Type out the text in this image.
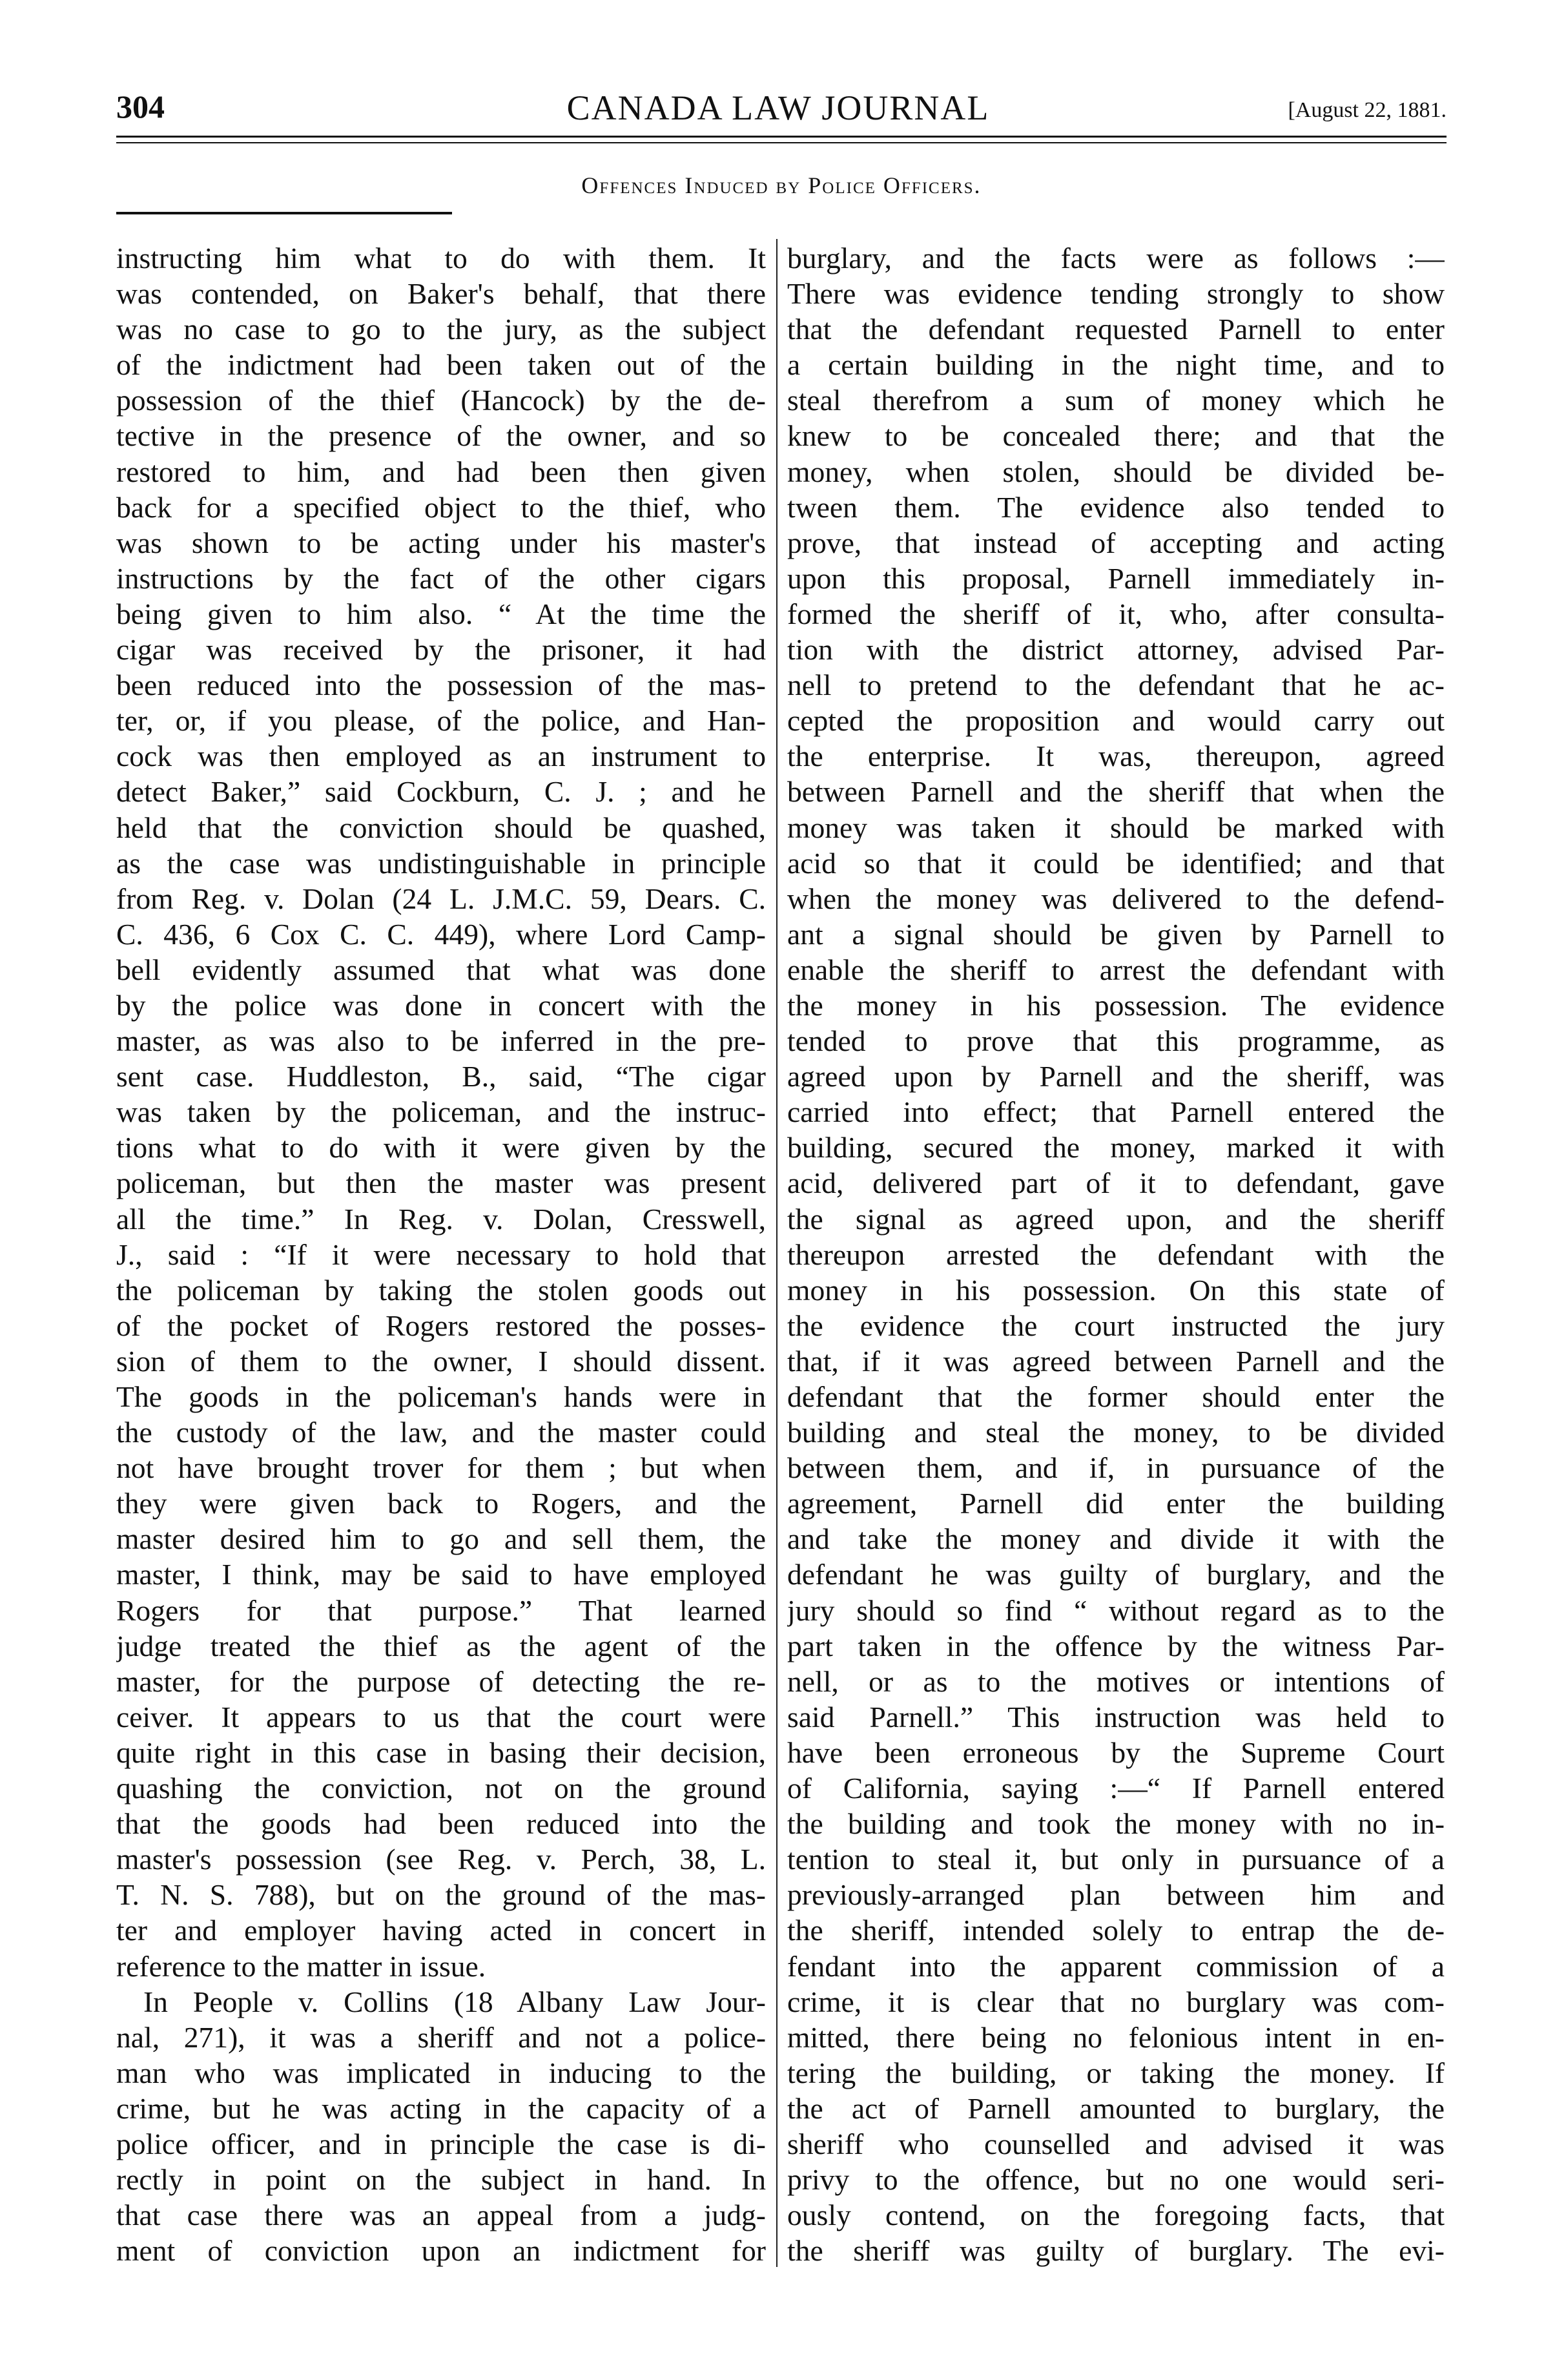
304	CANADA LAW JOURNAL	[August 22, 1881.
Offences Induced by Police Officers.
instructing him what to do with them. It
was contended, on Baker's behalf, that there
was no case to go to the jury, as the subject
of the indictment had been taken out of the
possession of the thief (Hancock) by the de-
tective in the presence of the owner, and so
restored to him, and had been then given
back for a specified object to the thief, who
was shown to be acting under his master's
instructions by the fact of the other cigars
being given to him also. “ At the time the
cigar was received by the prisoner, it had
been reduced into the possession of the mas-
ter, or, if you please, of the police, and Han-
cock was then employed as an instrument to
detect Baker,” said Cockburn, C. J. ; and he
held that the conviction should be quashed,
as the case was undistinguishable in principle
from Reg. v. Dolan (24 L. J.M.C. 59, Dears. C.
C. 436, 6 Cox C. C. 449), where Lord Camp-
bell evidently assumed that what was done
by the police was done in concert with the
master, as was also to be inferred in the pre-
sent case. Huddleston, B., said, “The cigar
was taken by the policeman, and the instruc-
tions what to do with it were given by the
policeman, but then the master was present
all the time.” In Reg. v. Dolan, Cresswell,
J., said : “If it were necessary to hold that
the policeman by taking the stolen goods out
of the pocket of Rogers restored the posses-
sion of them to the owner, I should dissent.
The goods in the policeman's hands were in
the custody of the law, and the master could
not have brought trover for them ; but when
they were given back to Rogers, and the
master desired him to go and sell them, the
master, I think, may be said to have employed
Rogers for that purpose.” That learned
judge treated the thief as the agent of the
master, for the purpose of detecting the re-
ceiver. It appears to us that the court were
quite right in this case in basing their decision,
quashing the conviction, not on the ground
that the goods had been reduced into the
master's possession (see Reg. v. Perch, 38, L.
T. N. S. 788), but on the ground of the mas-
ter and employer having acted in concert in
reference to the matter in issue.
In People v. Collins (18 Albany Law Jour-
nal, 271), it was a sheriff and not a police-
man who was implicated in inducing to the
crime, but he was acting in the capacity of a
police officer, and in principle the case is di-
rectly in point on the subject in hand. In
that case there was an appeal from a judg-
ment of conviction upon an indictment for
burglary, and the facts were as follows :—
There was evidence tending strongly to show
that the defendant requested Parnell to enter
a certain building in the night time, and to
steal therefrom a sum of money which he
knew to be concealed there; and that the
money, when stolen, should be divided be-
tween them. The evidence also tended to
prove, that instead of accepting and acting
upon this proposal, Parnell immediately in-
formed the sheriff of it, who, after consulta-
tion with the district attorney, advised Par-
nell to pretend to the defendant that he ac-
cepted the proposition and would carry out
the enterprise. It was, thereupon, agreed
between Parnell and the sheriff that when the
money was taken it should be marked with
acid so that it could be identified; and that
when the money was delivered to the defend-
ant a signal should be given by Parnell to
enable the sheriff to arrest the defendant with
the money in his possession. The evidence
tended to prove that this programme, as
agreed upon by Parnell and the sheriff, was
carried into effect; that Parnell entered the
building, secured the money, marked it with
acid, delivered part of it to defendant, gave
the signal as agreed upon, and the sheriff
thereupon arrested the defendant with the
money in his possession. On this state of
the evidence the court instructed the jury
that, if it was agreed between Parnell and the
defendant that the former should enter the
building and steal the money, to be divided
between them, and if, in pursuance of the
agreement, Parnell did enter the building
and take the money and divide it with the
defendant he was guilty of burglary, and the
jury should so find “ without regard as to the
part taken in the offence by the witness Par-
nell, or as to the motives or intentions of
said Parnell.” This instruction was held to
have been erroneous by the Supreme Court
of California, saying :—“ If Parnell entered
the building and took the money with no in-
tention to steal it, but only in pursuance of a
previously-arranged plan between him and
the sheriff, intended solely to entrap the de-
fendant into the apparent commission of a
crime, it is clear that no burglary was com-
mitted, there being no felonious intent in en-
tering the building, or taking the money. If
the act of Parnell amounted to burglary, the
sheriff who counselled and advised it was
privy to the offence, but no one would seri-
ously contend, on the foregoing facts, that
the sheriff was guilty of burglary. The evi-
